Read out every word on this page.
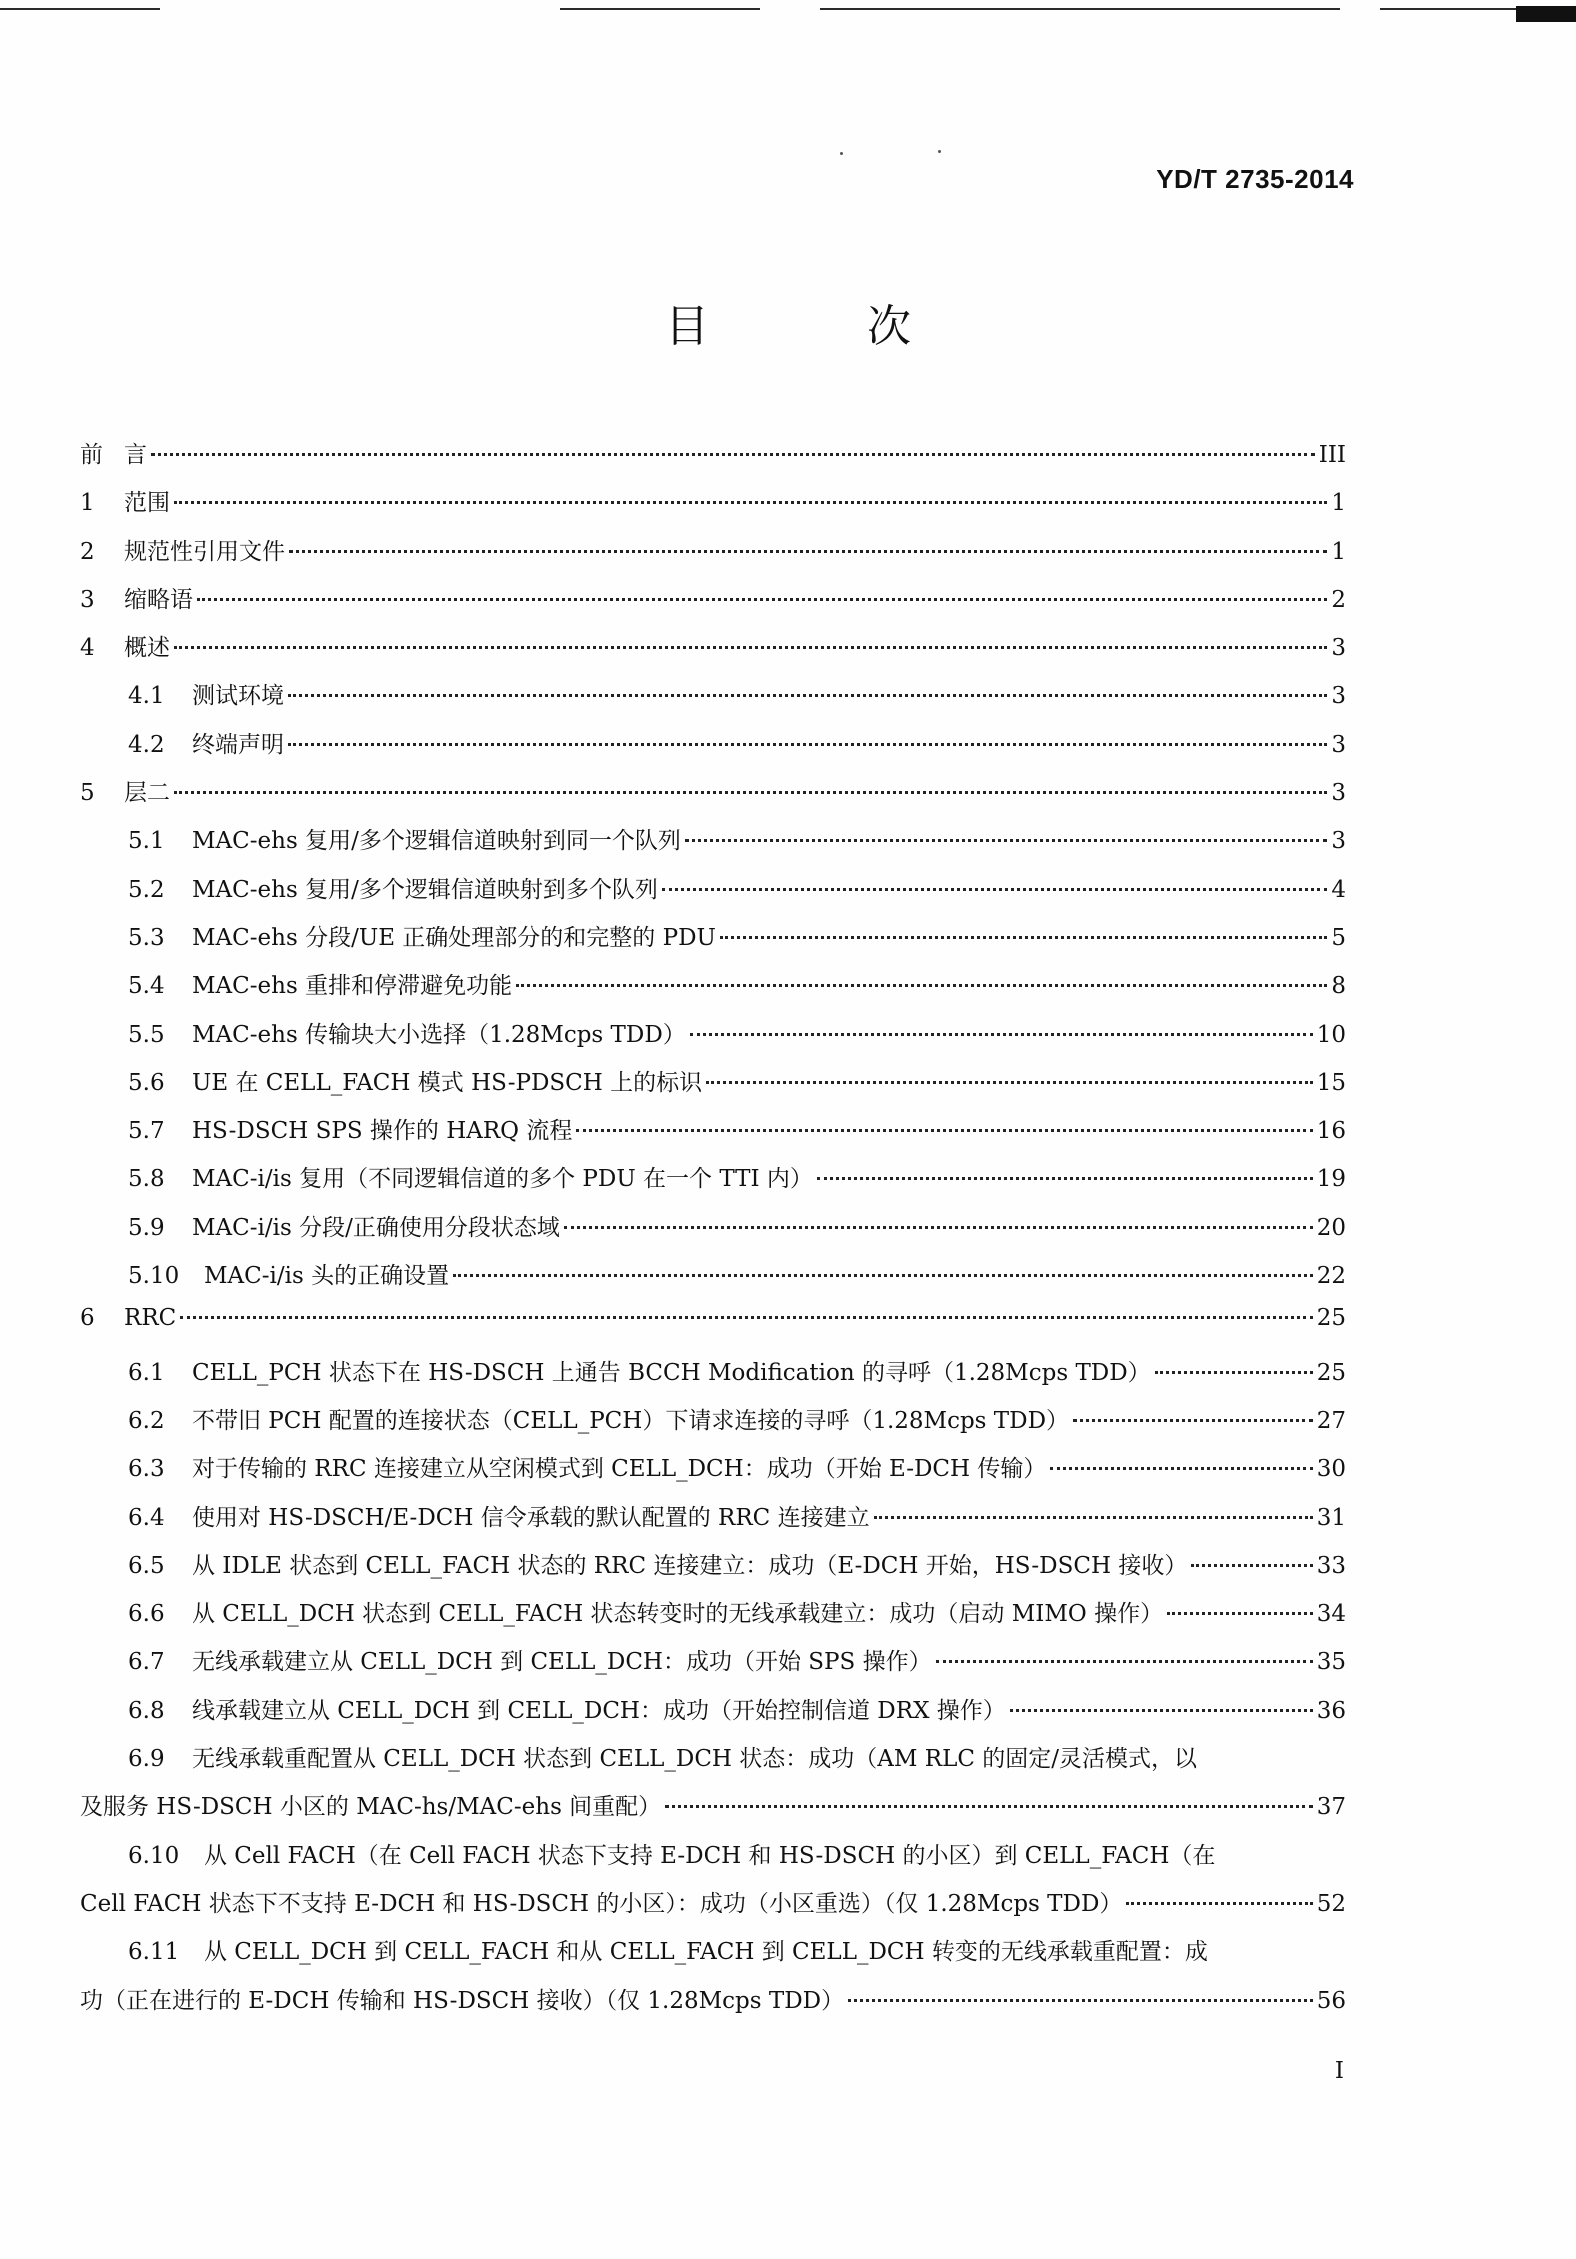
YD/T 2735-2014
目 次
前 言	III
1	范围	1
2	规范性引用文件	1
3	缩略语	2
4	概述	3
4.1	测试环境	3
4.2	终端声明	3
5	层二	3
5.1	MAC-ehs 复用/多个逻辑信道映射到同一个队列	3
5.2	MAC-ehs 复用/多个逻辑信道映射到多个队列	4
5.3	MAC-ehs 分段/UE 正确处理部分的和完整的 PDU	5
5.4	MAC-ehs 重排和停滞避免功能	8
5.5	MAC-ehs 传输块大小选择（1.28Mcps TDD）	10
5.6	UE 在 CELL_FACH 模式 HS-PDSCH 上的标识	15
5.7	HS-DSCH SPS 操作的 HARQ 流程	16
5.8	MAC-i/is 复用（不同逻辑信道的多个 PDU 在一个 TTI 内）	19
5.9	MAC-i/is 分段/正确使用分段状态域	20
5.10	MAC-i/is 头的正确设置	22
6	RRC	25
6.1	CELL_PCH 状态下在 HS-DSCH 上通告 BCCH Modification 的寻呼（1.28Mcps TDD）	25
6.2	不带旧 PCH 配置的连接状态（CELL_PCH）下请求连接的寻呼（1.28Mcps TDD）	27
6.3	对于传输的 RRC 连接建立从空闲模式到 CELL_DCH：成功（开始 E-DCH 传输）	30
6.4	使用对 HS-DSCH/E-DCH 信令承载的默认配置的 RRC 连接建立	31
6.5	从 IDLE 状态到 CELL_FACH 状态的 RRC 连接建立：成功（E-DCH 开始，HS-DSCH 接收）	33
6.6	从 CELL_DCH 状态到 CELL_FACH 状态转变时的无线承载建立：成功（启动 MIMO 操作）	34
6.7	无线承载建立从 CELL_DCH 到 CELL_DCH：成功（开始 SPS 操作）	35
6.8	线承载建立从 CELL_DCH 到 CELL_DCH：成功（开始控制信道 DRX 操作）	36
6.9 无线承载重配置从 CELL_DCH 状态到 CELL_DCH 状态：成功（AM RLC 的固定/灵活模式，以
及服务 HS-DSCH 小区的 MAC-hs/MAC-ehs 间重配）	37
6.10 从 Cell FACH（在 Cell FACH 状态下支持 E-DCH 和 HS-DSCH 的小区）到 CELL_FACH（在
Cell FACH 状态下不支持 E-DCH 和 HS-DSCH 的小区）：成功（小区重选）（仅 1.28Mcps TDD）	52
6.11 从 CELL_DCH 到 CELL_FACH 和从 CELL_FACH 到 CELL_DCH 转变的无线承载重配置：成
功（正在进行的 E-DCH 传输和 HS-DSCH 接收）（仅 1.28Mcps TDD）	56
I
